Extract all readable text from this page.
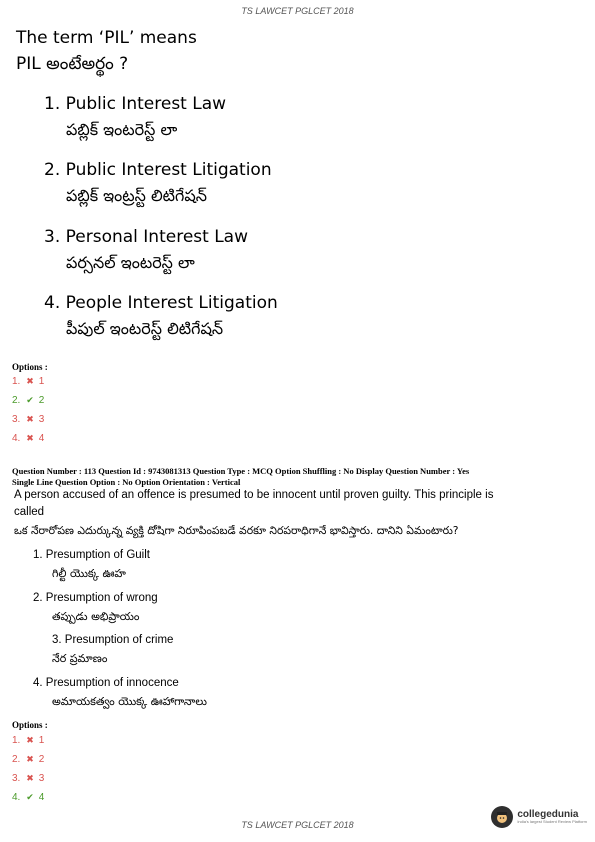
TS LAWCET PGLCET 2018
The term ‘PIL’ means
PIL అంటేఅర్థం ?
1. Public Interest Law
పబ్లిక్ ఇంటరెస్ట్ లా
2. Public Interest Litigation
పబ్లిక్ ఇంట్రస్ట్ లిటిగేషన్
3. Personal Interest Law
పర్సనల్ ఇంటరెస్ట్ లా
4. People Interest Litigation
పీపుల్ ఇంటరెస్ట్ లిటిగేషన్
Options :
1. ✖ 1
2. ✔ 2
3. ✖ 3
4. ✖ 4
Question Number : 113 Question Id : 9743081313 Question Type : MCQ Option Shuffling : No Display Question Number : Yes
Single Line Question Option : No Option Orientation : Vertical
A person accused of an offence is presumed to be innocent until proven guilty. This principle is
called
ఒక నేరారోపణ ఎదుర్కున్న వ్యక్తి దోషిగా నిరూపింపబడే వరకూ నిరపరాధిగానే భావిస్తారు. దానిని ఏమంటారు?
1. Presumption of Guilt
గిల్టీ యొక్క ఊహ
2. Presumption of wrong
తప్పుడు అభిప్రాయం
3. Presumption of crime
నేర ప్రమాణం
4. Presumption of innocence
అమాయకత్వం యొక్క ఊహాగానాలు
Options :
1. ✖ 1
2. ✖ 2
3. ✖ 3
4. ✔ 4
TS LAWCET PGLCET 2018
collegedunia
India's largest Student Review Platform
